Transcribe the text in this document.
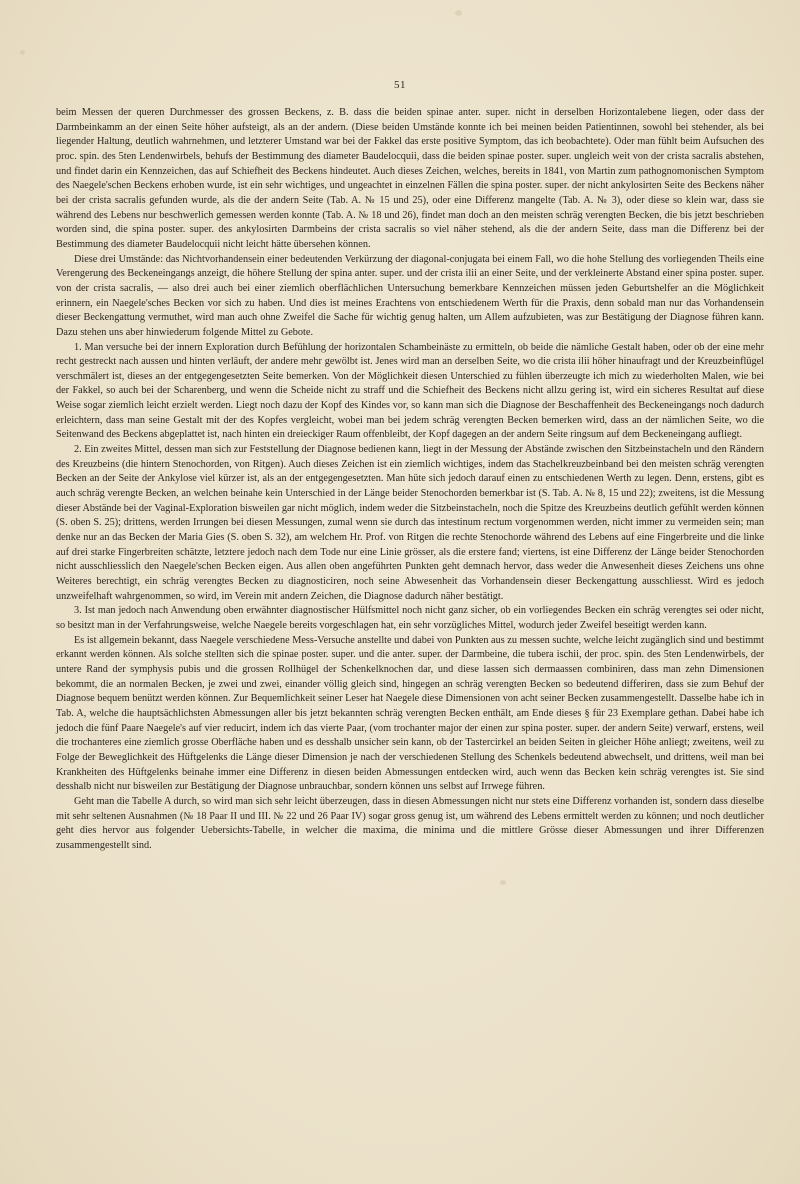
51

beim Messen der queren Durchmesser des grossen Beckens, z. B. dass die beiden spinae anter. super. nicht in derselben Horizontalebene liegen, oder dass der Darmbeinkamm an der einen Seite höher aufsteigt, als an der andern. (Diese beiden Umstände konnte ich bei meinen beiden Patientinnen, sowohl bei stehender, als bei liegender Haltung, deutlich wahrnehmen, und letzterer Umstand war bei der Fakkel das erste positive Symptom, das ich beobachtete). Oder man fühlt beim Aufsuchen des proc. spin. des 5ten Lendenwirbels, behufs der Bestimmung des diameter Baudelocquii, dass die beiden spinae poster. super. ungleich weit von der crista sacralis abstehen, und findet darin ein Kennzeichen, das auf Schiefheit des Beckens hindeutet. Auch dieses Zeichen, welches, bereits in 1841, von Martin zum pathognomonischen Symptom des Naegele'schen Beckens erhoben wurde, ist ein sehr wichtiges, und ungeachtet in einzelnen Fällen die spina poster. super. der nicht ankylosirten Seite des Beckens näher bei der crista sacralis gefunden wurde, als die der andern Seite (Tab. A. № 15 und 25), oder eine Differenz mangelte (Tab. A. № 3), oder diese so klein war, dass sie während des Lebens nur beschwerlich gemessen werden konnte (Tab. A. № 18 und 26), findet man doch an den meisten schräg verengten Becken, die bis jetzt beschrieben worden sind, die spina poster. super. des ankylosirten Darmbeins der crista sacralis so viel näher stehend, als die der andern Seite, dass man die Differenz bei der Bestimmung des diameter Baudelocquii nicht leicht hätte übersehen können.

Diese drei Umstände: das Nichtvorhandensein einer bedeutenden Verkürzung der diagonal-conjugata bei einem Fall, wo die hohe Stellung des vorliegenden Theils eine Verengerung des Beckeneingangs anzeigt, die höhere Stellung der spina anter. super. und der crista ilii an einer Seite, und der verkleinerte Abstand einer spina poster. super. von der crista sacralis, — also drei auch bei einer ziemlich oberflächlichen Untersuchung bemerkbare Kennzeichen müssen jeden Geburtshelfer an die Möglichkeit erinnern, ein Naegele'sches Becken vor sich zu haben. Und dies ist meines Erachtens von entschiedenem Werth für die Praxis, denn sobald man nur das Vorhandensein dieser Beckengattung vermuthet, wird man auch ohne Zweifel die Sache für wichtig genug halten, um Allem aufzubieten, was zur Bestätigung der Diagnose führen kann. Dazu stehen uns aber hinwiederum folgende Mittel zu Gebote.

1. Man versuche bei der innern Exploration durch Befühlung der horizontalen Schambeinäste zu ermitteln, ob beide die nämliche Gestalt haben, oder ob der eine mehr recht gestreckt nach aussen und hinten verläuft, der andere mehr gewölbt ist. Jenes wird man an derselben Seite, wo die crista ilii höher hinaufragt und der Kreuzbeinflügel verschmälert ist, dieses an der entgegengesetzten Seite bemerken. Von der Möglichkeit diesen Unterschied zu fühlen überzeugte ich mich zu wiederholten Malen, wie bei der Fakkel, so auch bei der Scharenberg, und wenn die Scheide nicht zu straff und die Schiefheit des Beckens nicht allzu gering ist, wird ein sicheres Resultat auf diese Weise sogar ziemlich leicht erzielt werden. Liegt noch dazu der Kopf des Kindes vor, so kann man sich die Diagnose der Beschaffenheit des Beckeneingangs noch dadurch erleichtern, dass man seine Gestalt mit der des Kopfes vergleicht, wobei man bei jedem schräg verengten Becken bemerken wird, dass an der nämlichen Seite, wo die Seitenwand des Beckens abgeplattet ist, nach hinten ein dreieckiger Raum offenbleibt, der Kopf dagegen an der andern Seite ringsum auf dem Beckeneingang aufliegt.

2. Ein zweites Mittel, dessen man sich zur Feststellung der Diagnose bedienen kann, liegt in der Messung der Abstände zwischen den Sitzbeinstacheln und den Rändern des Kreuzbeins (die hintern Stenochorden, von Ritgen). Auch dieses Zeichen ist ein ziemlich wichtiges, indem das Stachelkreuzbeinband bei den meisten schräg verengten Becken an der Seite der Ankylose viel kürzer ist, als an der entgegengesetzten. Man hüte sich jedoch darauf einen zu entschiedenen Werth zu legen. Denn, erstens, gibt es auch schräg verengte Becken, an welchen beinahe kein Unterschied in der Länge beider Stenochorden bemerkbar ist (S. Tab. A. № 8, 15 und 22); zweitens, ist die Messung dieser Abstände bei der Vaginal-Exploration bisweilen gar nicht möglich, indem weder die Sitzbeinstacheln, noch die Spitze des Kreuzbeins deutlich gefühlt werden können (S. oben S. 25); drittens, werden Irrungen bei diesen Messungen, zumal wenn sie durch das intestinum rectum vorgenommen werden, nicht immer zu vermeiden sein; man denke nur an das Becken der Maria Gies (S. oben S. 32), am welchem Hr. Prof. von Ritgen die rechte Stenochorde während des Lebens auf eine Fingerbreite und die linke auf drei starke Fingerbreiten schätzte, letztere jedoch nach dem Tode nur eine Linie grösser, als die erstere fand; viertens, ist eine Differenz der Länge beider Stenochorden nicht ausschliesslich den Naegele'schen Becken eigen. Aus allen oben angeführten Punkten geht demnach hervor, dass weder die Anwesenheit dieses Zeichens uns ohne Weiteres berechtigt, ein schräg verengtes Becken zu diagnosticiren, noch seine Abwesenheit das Vorhandensein dieser Beckengattung ausschliesst. Wird es jedoch unzweifelhaft wahrgenommen, so wird, im Verein mit andern Zeichen, die Diagnose dadurch näher bestätigt.

3. Ist man jedoch nach Anwendung oben erwähnter diagnostischer Hülfsmittel noch nicht ganz sicher, ob ein vorliegendes Becken ein schräg verengtes sei oder nicht, so besitzt man in der Verfahrungsweise, welche Naegele bereits vorgeschlagen hat, ein sehr vorzügliches Mittel, wodurch jeder Zweifel beseitigt werden kann.

Es ist allgemein bekannt, dass Naegele verschiedene Mess-Versuche anstellte und dabei von Punkten aus zu messen suchte, welche leicht zugänglich sind und bestimmt erkannt werden können. Als solche stellten sich die spinae poster. super. und die anter. super. der Darmbeine, die tubera ischii, der proc. spin. des 5ten Lendenwirbels, der untere Rand der symphysis pubis und die grossen Rollhügel der Schenkelknochen dar, und diese lassen sich dermaassen combiniren, dass man zehn Dimensionen bekommt, die an normalen Becken, je zwei und zwei, einander völlig gleich sind, hingegen an schräg verengten Becken so bedeutend differiren, dass sie zum Behuf der Diagnose bequem benützt werden können. Zur Bequemlichkeit seiner Leser hat Naegele diese Dimensionen von acht seiner Becken zusammengestellt. Dasselbe habe ich in Tab. A, welche die hauptsächlichsten Abmessungen aller bis jetzt bekannten schräg verengten Becken enthält, am Ende dieses § für 23 Exemplare gethan. Dabei habe ich jedoch die fünf Paare Naegele's auf vier reducirt, indem ich das vierte Paar, (vom trochanter major der einen zur spina poster. super. der andern Seite) verwarf, erstens, weil die trochanteres eine ziemlich grosse Oberfläche haben und es desshalb unsicher sein kann, ob der Tastercirkel an beiden Seiten in gleicher Höhe anliegt; zweitens, weil zu Folge der Beweglichkeit des Hüftgelenks die Länge dieser Dimension je nach der verschiedenen Stellung des Schenkels bedeutend abwechselt, und drittens, weil man bei Krankheiten des Hüftgelenks beinahe immer eine Differenz in diesen beiden Abmessungen entdecken wird, auch wenn das Becken kein schräg verengtes ist. Sie sind desshalb nicht nur bisweilen zur Bestätigung der Diagnose unbrauchbar, sondern können uns selbst auf Irrwege führen.

Geht man die Tabelle A durch, so wird man sich sehr leicht überzeugen, dass in diesen Abmessungen nicht nur stets eine Differenz vorhanden ist, sondern dass dieselbe mit sehr seltenen Ausnahmen (№ 18 Paar II und III. № 22 und 26 Paar IV) sogar gross genug ist, um während des Lebens ermittelt werden zu können; und noch deutlicher geht dies hervor aus folgender Uebersichts-Tabelle, in welcher die maxima, die minima und die mittlere Grösse dieser Abmessungen und ihrer Differenzen zusammengestellt sind.
